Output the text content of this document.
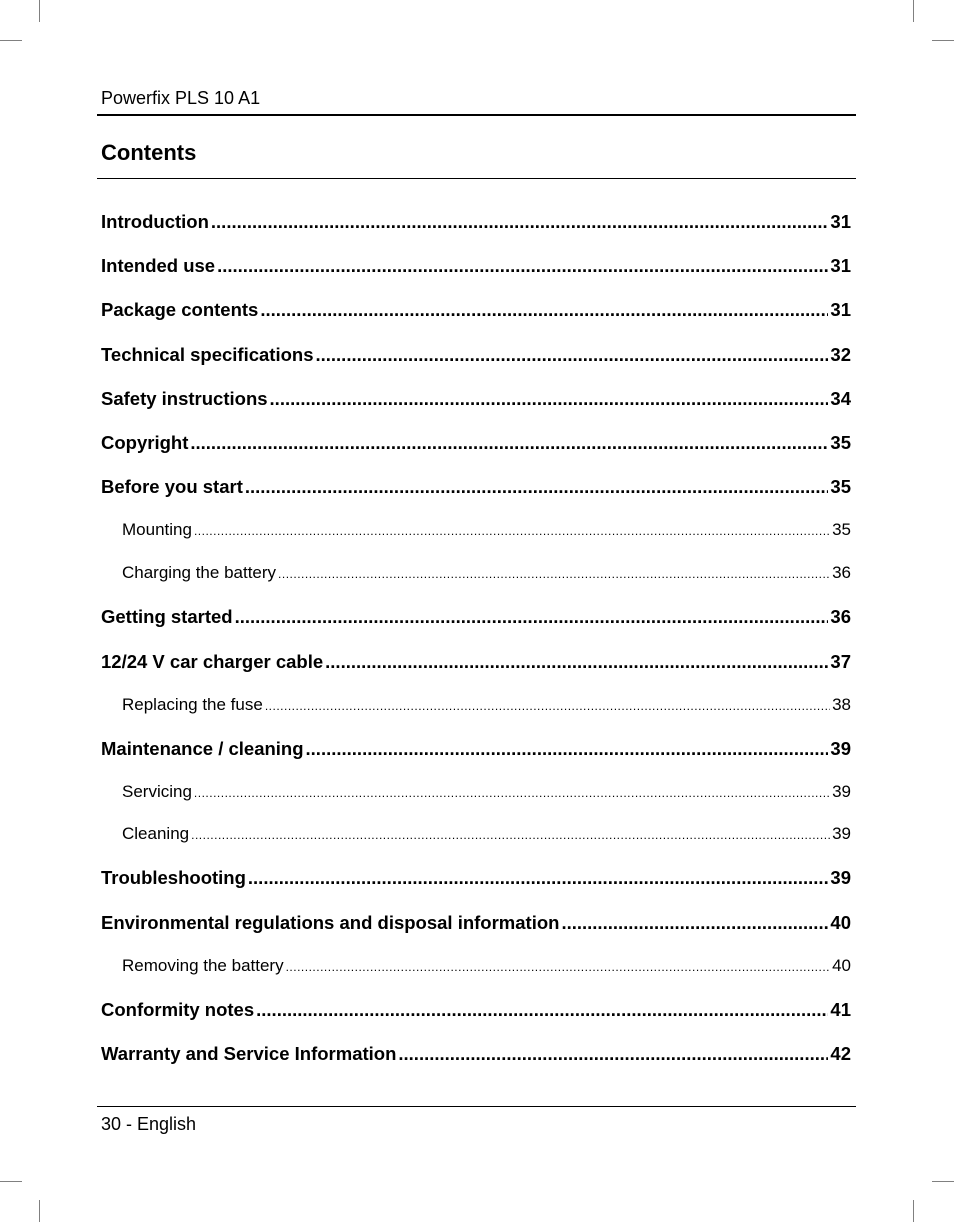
Powerfix PLS 10 A1
Contents
Introduction .....	31
Intended use .....	31
Package contents .....	31
Technical specifications .....	32
Safety instructions .....	34
Copyright .....	35
Before you start .....	35
Mounting .....	35
Charging the battery .....	36
Getting started .....	36
12/24 V car charger cable .....	37
Replacing the fuse .....	38
Maintenance / cleaning .....	39
Servicing .....	39
Cleaning .....	39
Troubleshooting .....	39
Environmental regulations and disposal information .....	40
Removing the battery .....	40
Conformity notes .....	41
Warranty and Service Information .....	42
30 - English
